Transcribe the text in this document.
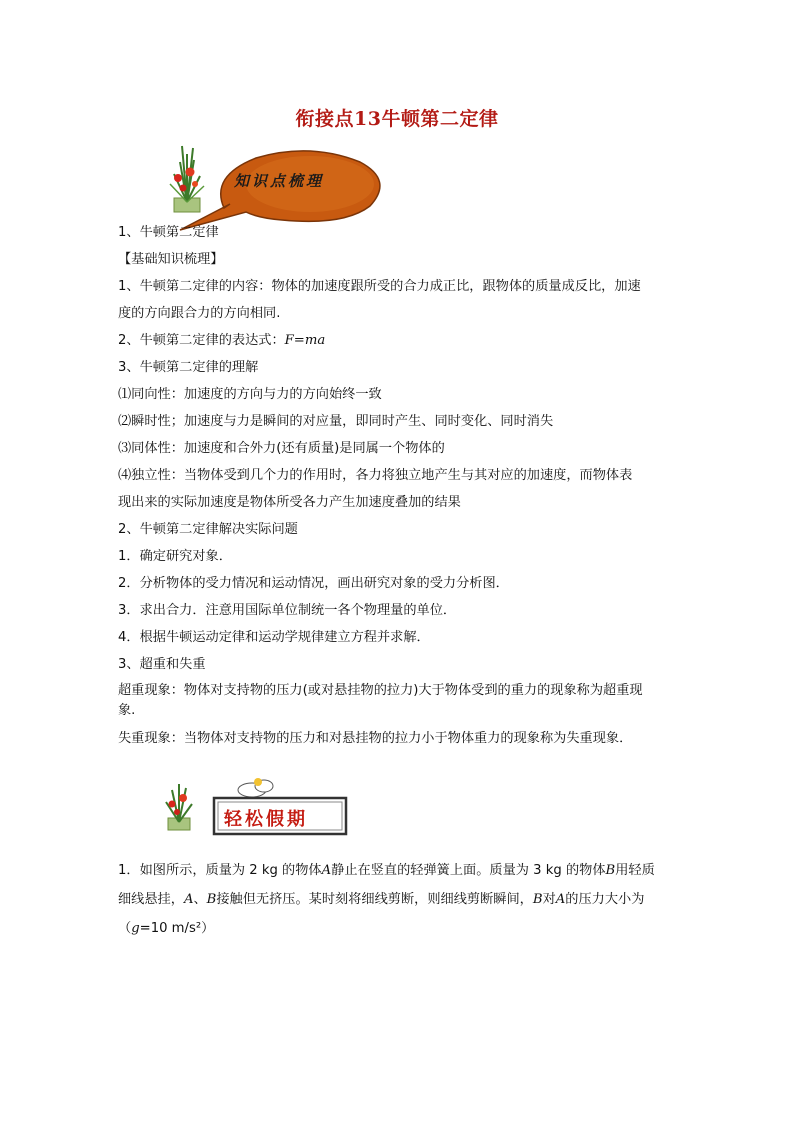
衔接点13牛顿第二定律
知识点梳理

1、牛顿第二定律

【基础知识梳理】

1、牛顿第二定律的内容：物体的加速度跟所受的合力成正比，跟物体的质量成反比，加速

度的方向跟合力的方向相同.

2、牛顿第二定律的表达式：F=ma

3、牛顿第二定律的理解

⑴同向性：加速度的方向与力的方向始终一致

⑵瞬时性；加速度与力是瞬间的对应量，即同时产生、同时变化、同时消失

⑶同体性：加速度和合外力(还有质量)是同属一个物体的

⑷独立性：当物体受到几个力的作用时，各力将独立地产生与其对应的加速度，而物体表

现出来的实际加速度是物体所受各力产生加速度叠加的结果

2、牛顿第二定律解决实际问题

1．确定研究对象．

2．分析物体的受力情况和运动情况，画出研究对象的受力分析图．

3．求出合力．注意用国际单位制统一各个物理量的单位．

4．根据牛顿运动定律和运动学规律建立方程并求解．

3、超重和失重

超重现象：物体对支持物的压力(或对悬挂物的拉力)大于物体受到的重力的现象称为超重现
象.

失重现象：当物体对支持物的压力和对悬挂物的拉力小于物体重力的现象称为失重现象．

轻松假期

1．如图所示，质量为 2 kg 的物体A静止在竖直的轻弹簧上面。质量为 3 kg 的物体B用轻质

细线悬挂，A、B接触但无挤压。某时刻将细线剪断，则细线剪断瞬间，B对A的压力大小为

（g=10 m/s²）
